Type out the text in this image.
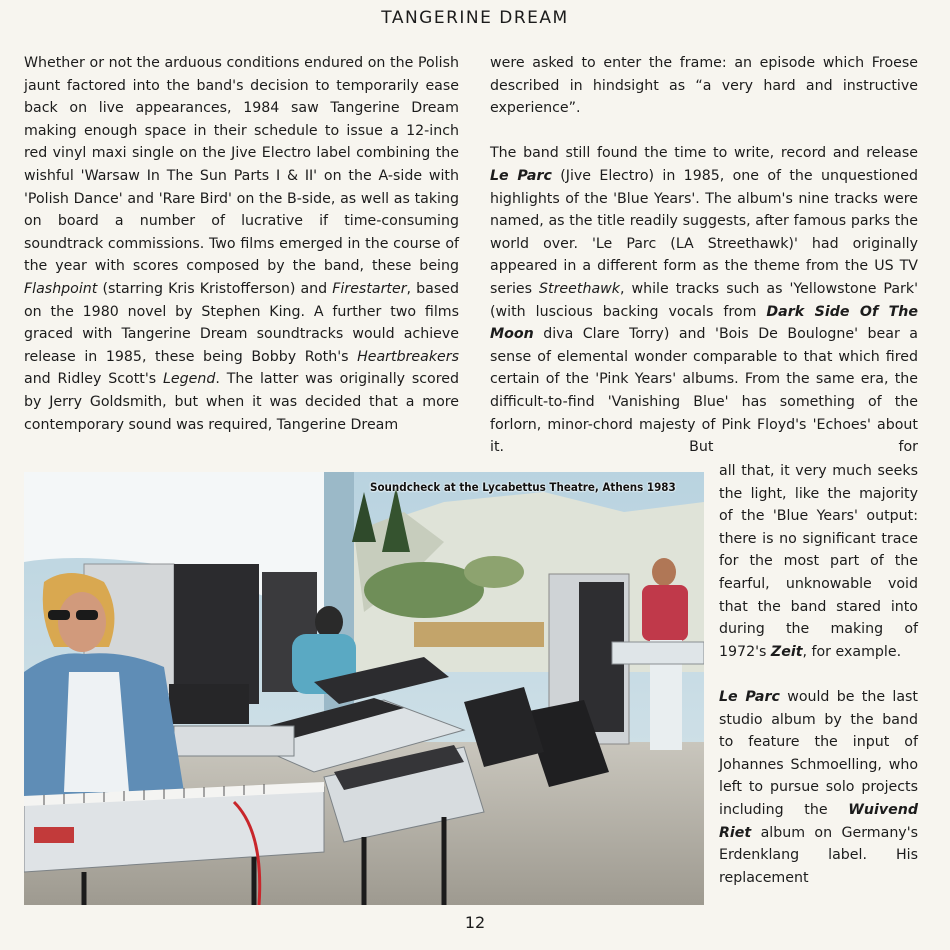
TANGERINE DREAM

Whether or not the arduous conditions endured on the Polish jaunt factored into the band's decision to temporarily ease back on live appearances, 1984 saw Tangerine Dream making enough space in their schedule to issue a 12-inch red vinyl maxi single on the Jive Electro label combining the wishful 'Warsaw In The Sun Parts I & II' on the A-side with 'Polish Dance' and 'Rare Bird' on the B-side, as well as taking on board a number of lucrative if time-consuming soundtrack commissions. Two films emerged in the course of the year with scores composed by the band, these being Flashpoint (starring Kris Kristofferson) and Firestarter, based on the 1980 novel by Stephen King. A further two films graced with Tangerine Dream soundtracks would achieve release in 1985, these being Bobby Roth's Heartbreakers and Ridley Scott's Legend. The latter was originally scored by Jerry Goldsmith, but when it was decided that a more contemporary sound was required, Tangerine Dream

were asked to enter the frame: an episode which Froese described in hindsight as “a very hard and instructive experience”.

The band still found the time to write, record and release Le Parc (Jive Electro) in 1985, one of the unquestioned highlights of the 'Blue Years'. The album's nine tracks were named, as the title readily suggests, after famous parks the world over. 'Le Parc (LA Streethawk)' had originally appeared in a different form as the theme from the US TV series Streethawk, while tracks such as 'Yellowstone Park' (with luscious backing vocals from Dark Side Of The Moon diva Clare Torry) and 'Bois De Boulogne' bear a sense of elemental wonder comparable to that which fired certain of the 'Pink Years' albums. From the same era, the difficult-to-find 'Vanishing Blue' has something of the forlorn, minor-chord majesty of Pink Floyd's 'Echoes' about it. But for

all that, it very much seeks the light, like the majority of the 'Blue Years' output: there is no significant trace for the most part of the fearful, unknowable void that the band stared into during the making of 1972's Zeit, for example.

Le Parc would be the last studio album by the band to feature the input of Johannes Schmoelling, who left to pursue solo projects including the Wuivend Riet album on Germany's Erdenklang label. His replacement

Soundcheck at the Lycabettus Theatre, Athens 1983
12
